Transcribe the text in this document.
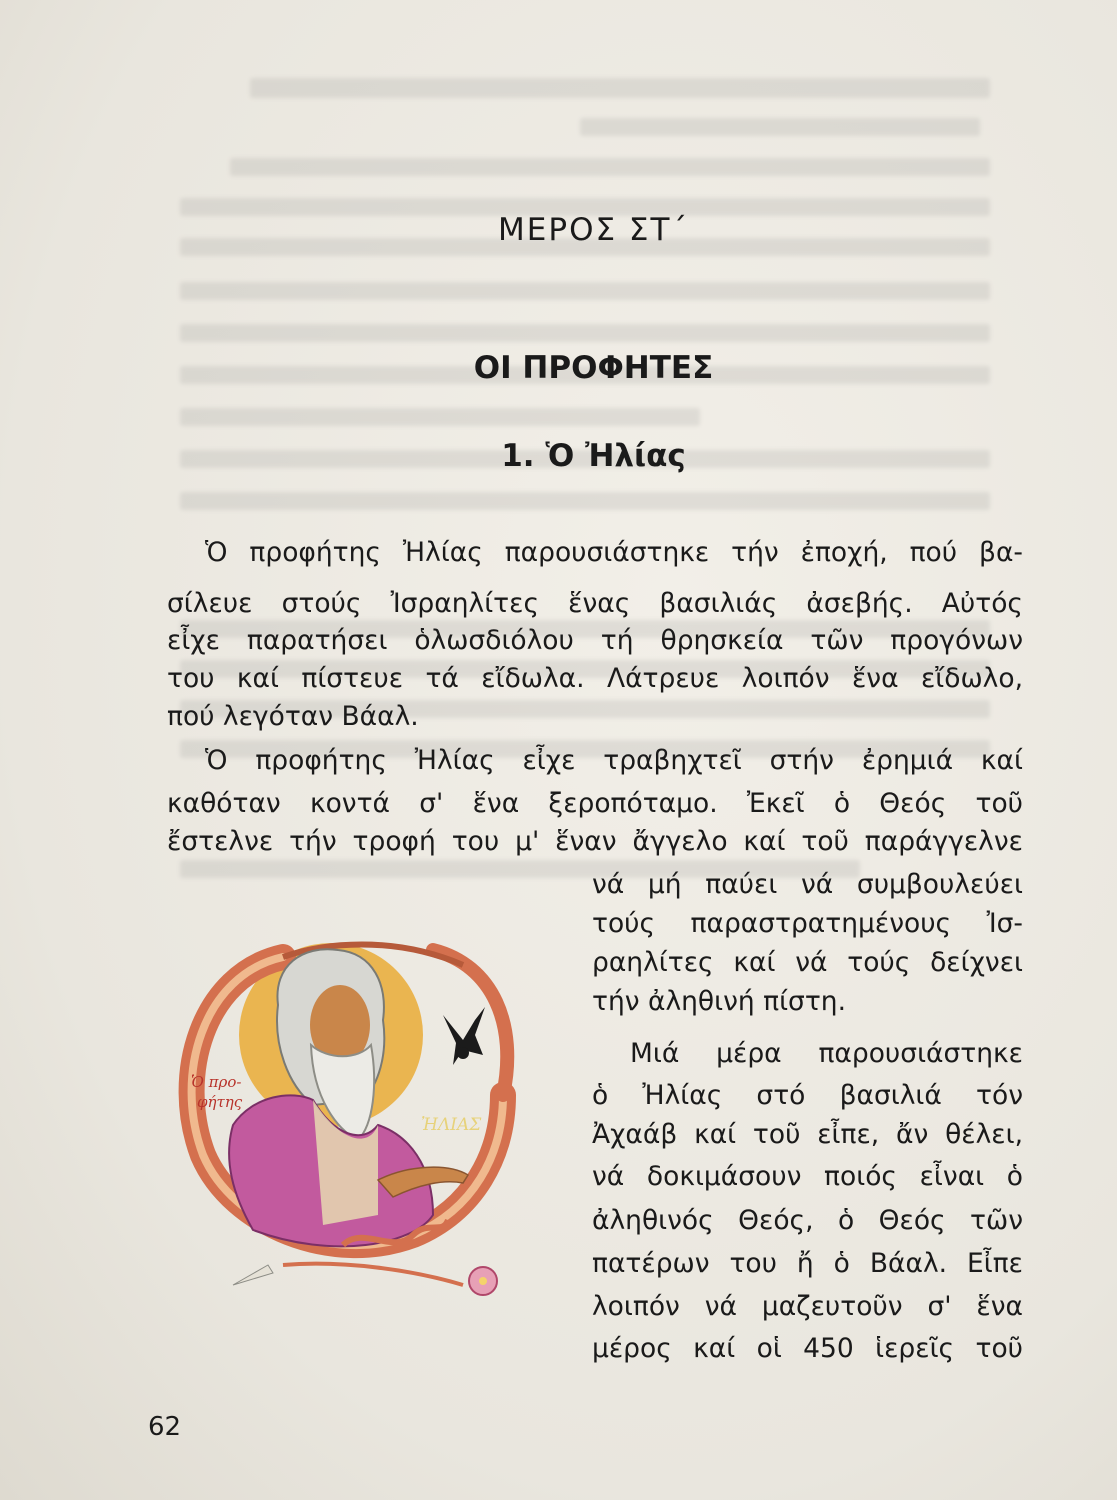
ΜΕΡΟΣ ΣΤ΄
ΟΙ ΠΡΟΦΗΤΕΣ
1. Ὁ Ἠλίας
Ὁ προφήτης Ἠλίας παρουσιάστηκε τήν ἐποχή, πού βα-
σίλευε στούς Ἰσραηλίτες ἕνας βασιλιάς ἀσεβής. Αὐτός
εἶχε παρατήσει ὁλωσδιόλου τή θρησκεία τῶν προγόνων
του καί πίστευε τά εἴδωλα. Λάτρευε λοιπόν ἕνα εἴδωλο,
πού λεγόταν Βάαλ.
Ὁ προφήτης Ἠλίας εἶχε τραβηχτεῖ στήν ἐρημιά καί
καθόταν κοντά σ' ἕνα ξεροπόταμο. Ἐκεῖ ὁ Θεός τοῦ
ἔστελνε τήν τροφή του μ' ἕναν ἄγγελο καί τοῦ παράγγελνε
νά μή παύει νά συμβουλεύει
τούς παραστρατημένους Ἰσ-
ραηλίτες καί νά τούς δείχνει
τήν ἀληθινή πίστη.
Μιά μέρα παρουσιάστηκε
ὁ Ἠλίας στό βασιλιά τόν
Ἀχαάβ καί τοῦ εἶπε, ἄν θέλει,
νά δοκιμάσουν ποιός εἶναι ὁ
ἀληθινός Θεός, ὁ Θεός τῶν
πατέρων του ἤ ὁ Βάαλ. Εἶπε
λοιπόν νά μαζευτοῦν σ' ἕνα
μέρος καί οἱ 450 ἱερεῖς τοῦ
Ὁ προ-
φήτης
ἨΛΙΑΣ
62
